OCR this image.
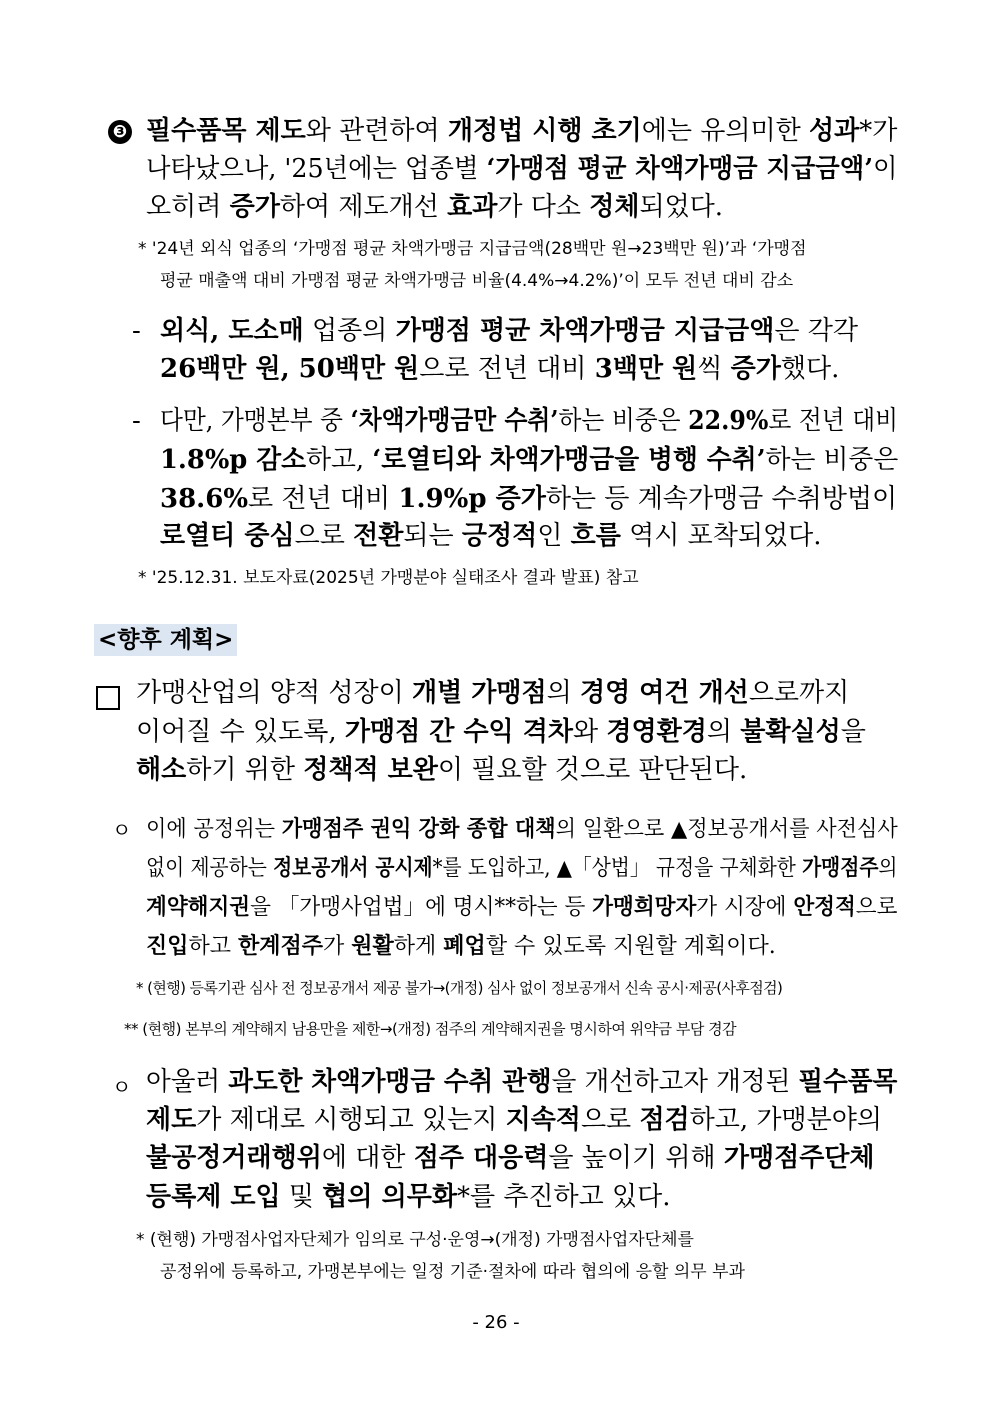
❸ 필수품목 제도와 관련하여 개정법 시행 초기에는 유의미한 성과*가
나타났으나, '25년에는 업종별 ‘가맹점 평균 차액가맹금 지급금액’이
오히려 증가하여 제도개선 효과가 다소 정체되었다.
* '24년 외식 업종의 ‘가맹점 평균 차액가맹금 지급금액(28백만 원→23백만 원)’과 ‘가맹점
평균 매출액 대비 가맹점 평균 차액가맹금 비율(4.4%→4.2%)’이 모두 전년 대비 감소
- 외식, 도소매 업종의 가맹점 평균 차액가맹금 지급금액은 각각
26백만 원, 50백만 원으로 전년 대비 3백만 원씩 증가했다.
- 다만, 가맹본부 중 ‘차액가맹금만 수취’하는 비중은 22.9%로 전년 대비
1.8%p 감소하고, ‘로열티와 차액가맹금을 병행 수취’하는 비중은
38.6%로 전년 대비 1.9%p 증가하는 등 계속가맹금 수취방법이
로열티 중심으로 전환되는 긍정적인 흐름 역시 포착되었다.
* '25.12.31. 보도자료(2025년 가맹분야 실태조사 결과 발표) 참고
<향후 계획>
가맹산업의 양적 성장이 개별 가맹점의 경영 여건 개선으로까지
이어질 수 있도록, 가맹점 간 수익 격차와 경영환경의 불확실성을
해소하기 위한 정책적 보완이 필요할 것으로 판단된다.
ㅇ 이에 공정위는 가맹점주 권익 강화 종합 대책의 일환으로 ▲정보공개서를 사전심사
없이 제공하는 정보공개서 공시제*를 도입하고, ▲「상법」 규정을 구체화한 가맹점주의
계약해지권을 「가맹사업법」에 명시**하는 등 가맹희망자가 시장에 안정적으로
진입하고 한계점주가 원활하게 폐업할 수 있도록 지원할 계획이다.
* (현행) 등록기관 심사 전 정보공개서 제공 불가→(개정) 심사 없이 정보공개서 신속 공시·제공(사후점검)
** (현행) 본부의 계약해지 남용만을 제한→(개정) 점주의 계약해지권을 명시하여 위약금 부담 경감
ㅇ 아울러 과도한 차액가맹금 수취 관행을 개선하고자 개정된 필수품목
제도가 제대로 시행되고 있는지 지속적으로 점검하고, 가맹분야의
불공정거래행위에 대한 점주 대응력을 높이기 위해 가맹점주단체
등록제 도입 및 협의 의무화*를 추진하고 있다.
* (현행) 가맹점사업자단체가 임의로 구성·운영→(개정) 가맹점사업자단체를
공정위에 등록하고, 가맹본부에는 일정 기준·절차에 따라 협의에 응할 의무 부과
- 26 -
